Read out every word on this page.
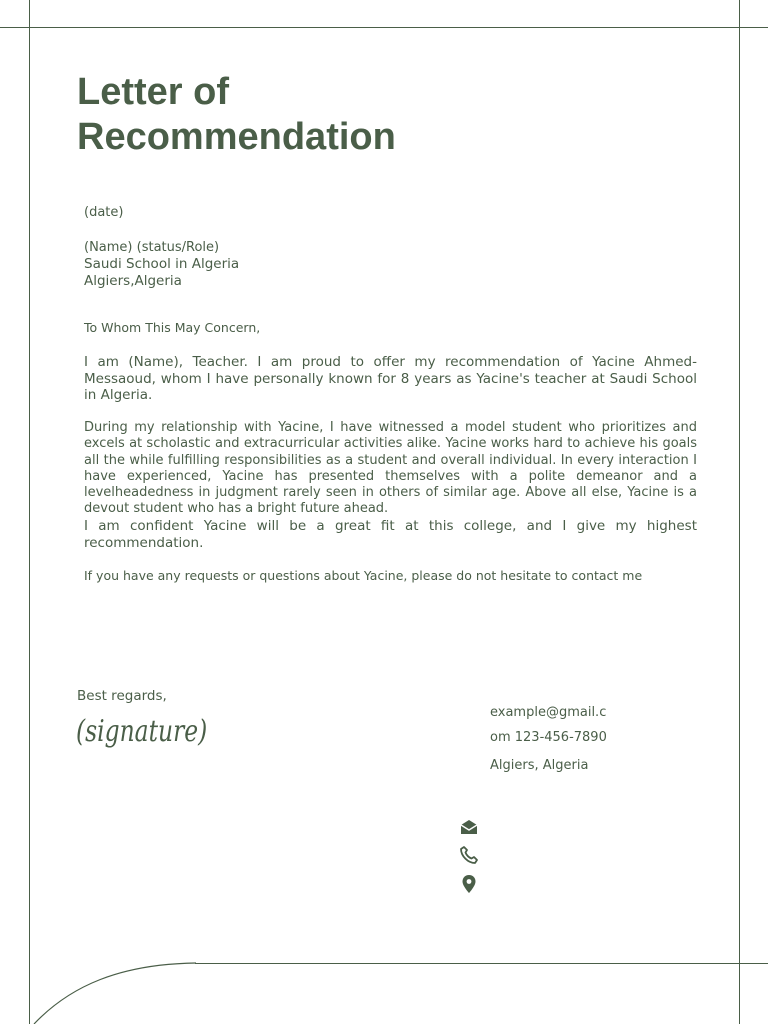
Letter of
Recommendation

(date)

(Name) (status/Role)
Saudi School in Algeria
Algiers,Algeria

To Whom This May Concern,

I am (Name), Teacher. I am proud to offer my recommendation of Yacine Ahmed-Messaoud, whom I have personally known for 8 years as Yacine's teacher at Saudi School in Algeria.

During my relationship with Yacine, I have witnessed a model student who prioritizes and excels at scholastic and extracurricular activities alike. Yacine works hard to achieve his goals all the while fulfilling responsibilities as a student and overall individual. In every interaction I have experienced, Yacine has presented themselves with a polite demeanor and a levelheadedness in judgment rarely seen in others of similar age. Above all else, Yacine is a devout student who has a bright future ahead.

I am confident Yacine will be a great fit at this college, and I give my highest recommendation.

If you have any requests or questions about Yacine, please do not hesitate to contact me

Best regards,
(signature)
example@gmail.c
om 123-456-7890
Algiers, Algeria
